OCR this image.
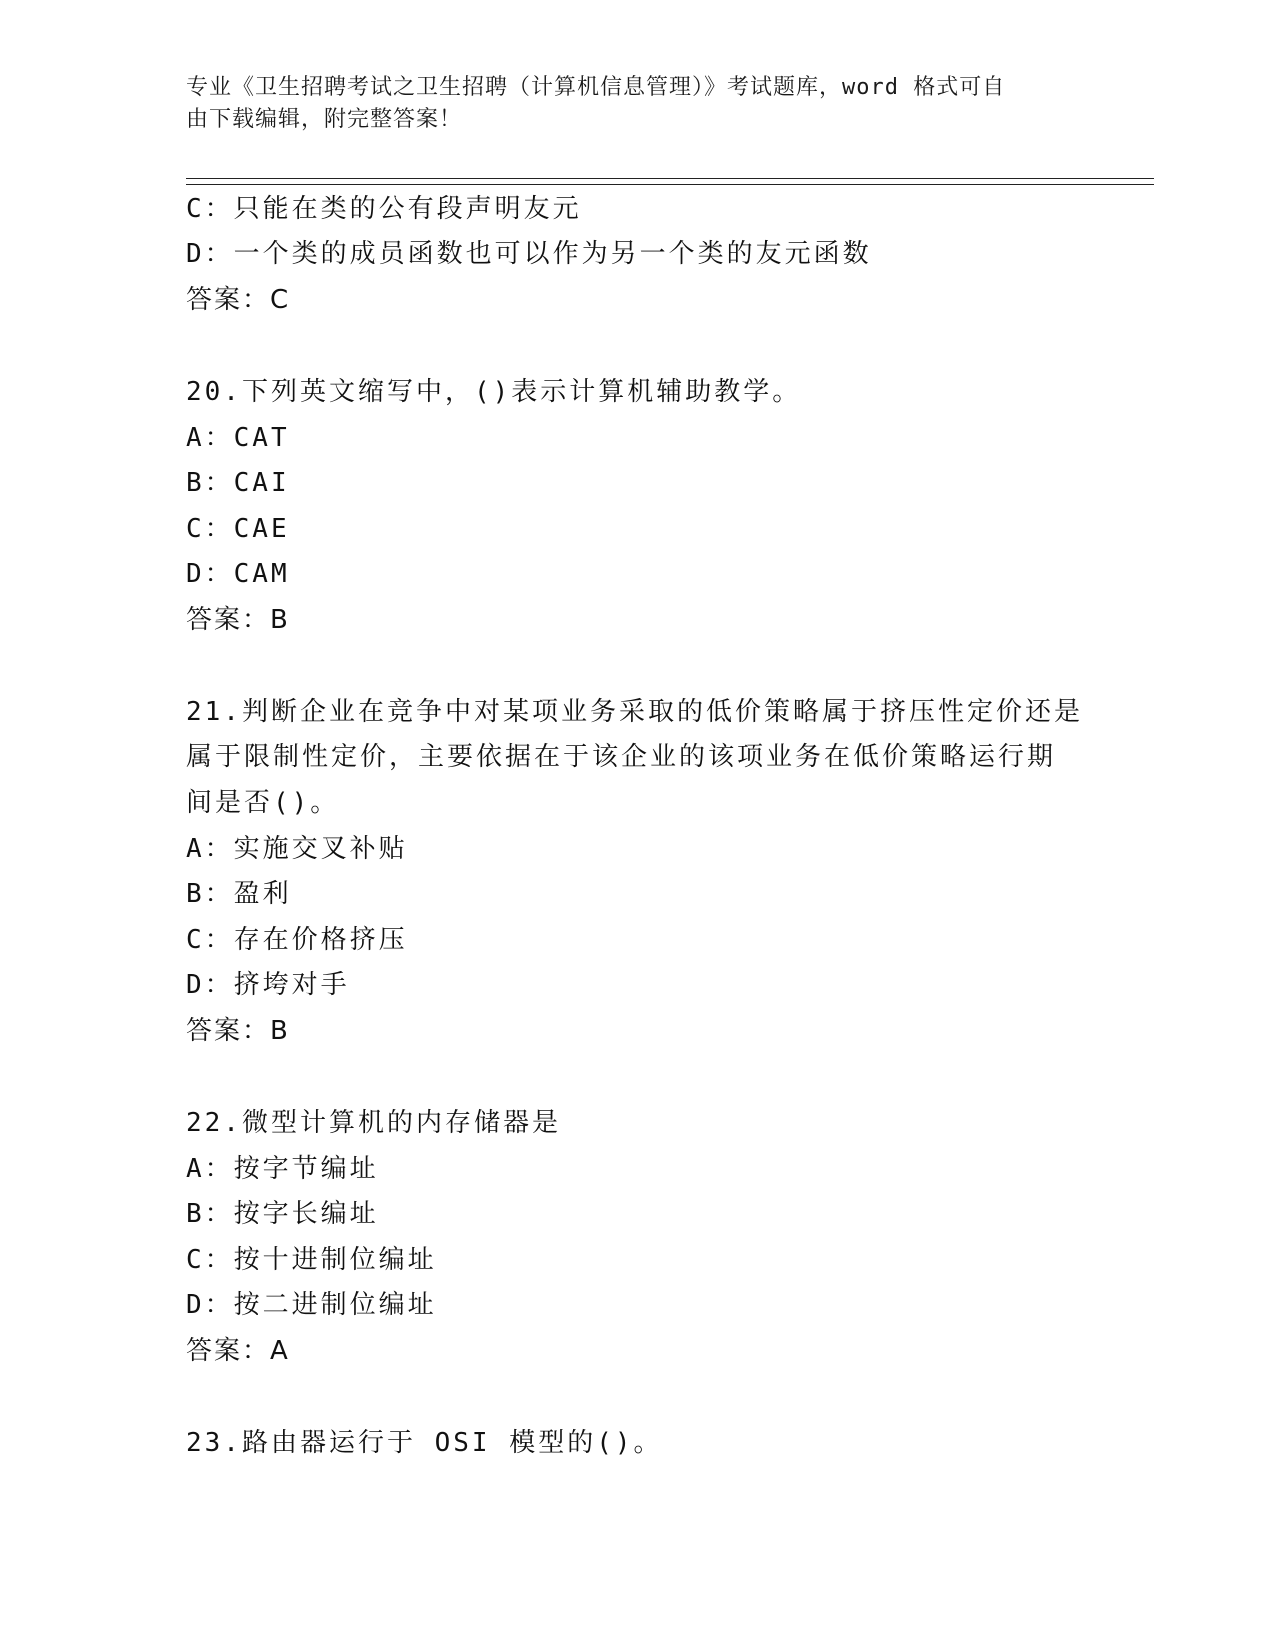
专业《卫生招聘考试之卫生招聘（计算机信息管理）》考试题库，word 格式可自
由下载编辑，附完整答案！
C：只能在类的公有段声明友元
D：一个类的成员函数也可以作为另一个类的友元函数
答案：C
20.下列英文缩写中，()表示计算机辅助教学。
A：CAT
B：CAI
C：CAE
D：CAM
答案：B
21.判断企业在竞争中对某项业务采取的低价策略属于挤压性定价还是
属于限制性定价，主要依据在于该企业的该项业务在低价策略运行期
间是否()。
A：实施交叉补贴
B：盈利
C：存在价格挤压
D：挤垮对手
答案：B
22.微型计算机的内存储器是
A：按字节编址
B：按字长编址
C：按十进制位编址
D：按二进制位编址
答案：A
23.路由器运行于 OSI 模型的()。
